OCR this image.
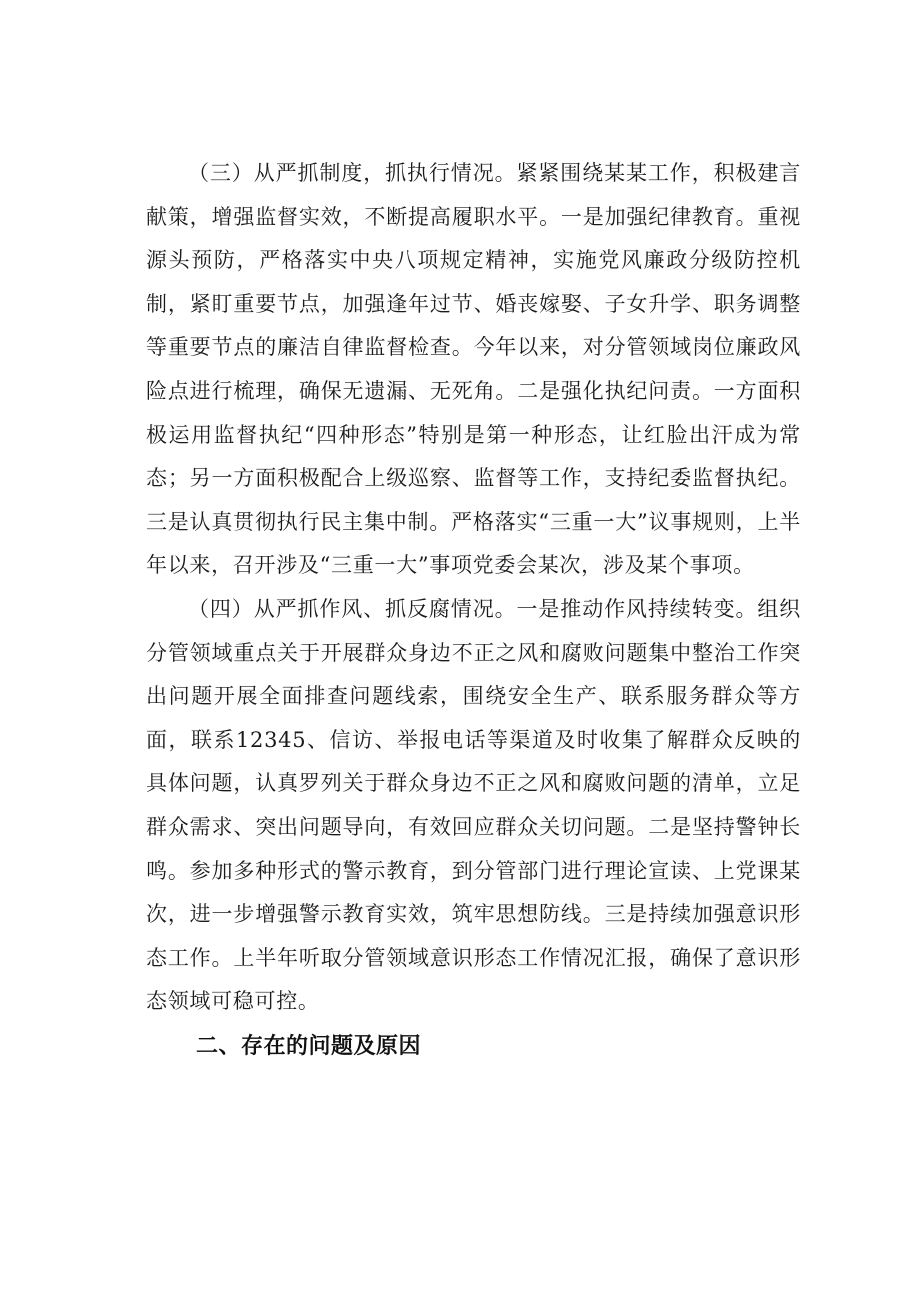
（三）从严抓制度，抓执行情况。紧紧围绕某某工作，积极建言献策，增强监督实效，不断提高履职水平。一是加强纪律教育。重视源头预防，严格落实中央八项规定精神，实施党风廉政分级防控机制，紧盯重要节点，加强逢年过节、婚丧嫁娶、子女升学、职务调整等重要节点的廉洁自律监督检查。今年以来，对分管领域岗位廉政风险点进行梳理，确保无遗漏、无死角。二是强化执纪问责。一方面积极运用监督执纪“四种形态”特别是第一种形态，让红脸出汗成为常态；另一方面积极配合上级巡察、监督等工作，支持纪委监督执纪。三是认真贯彻执行民主集中制。严格落实“三重一大”议事规则，上半年以来，召开涉及“三重一大”事项党委会某次，涉及某个事项。

（四）从严抓作风、抓反腐情况。一是推动作风持续转变。组织分管领域重点关于开展群众身边不正之风和腐败问题集中整治工作突出问题开展全面排查问题线索，围绕安全生产、联系服务群众等方面，联系12345、信访、举报电话等渠道及时收集了解群众反映的具体问题，认真罗列关于群众身边不正之风和腐败问题的清单，立足群众需求、突出问题导向，有效回应群众关切问题。二是坚持警钟长鸣。参加多种形式的警示教育，到分管部门进行理论宣读、上党课某次，进一步增强警示教育实效，筑牢思想防线。三是持续加强意识形态工作。上半年听取分管领域意识形态工作情况汇报，确保了意识形态领域可稳可控。

二、存在的问题及原因
